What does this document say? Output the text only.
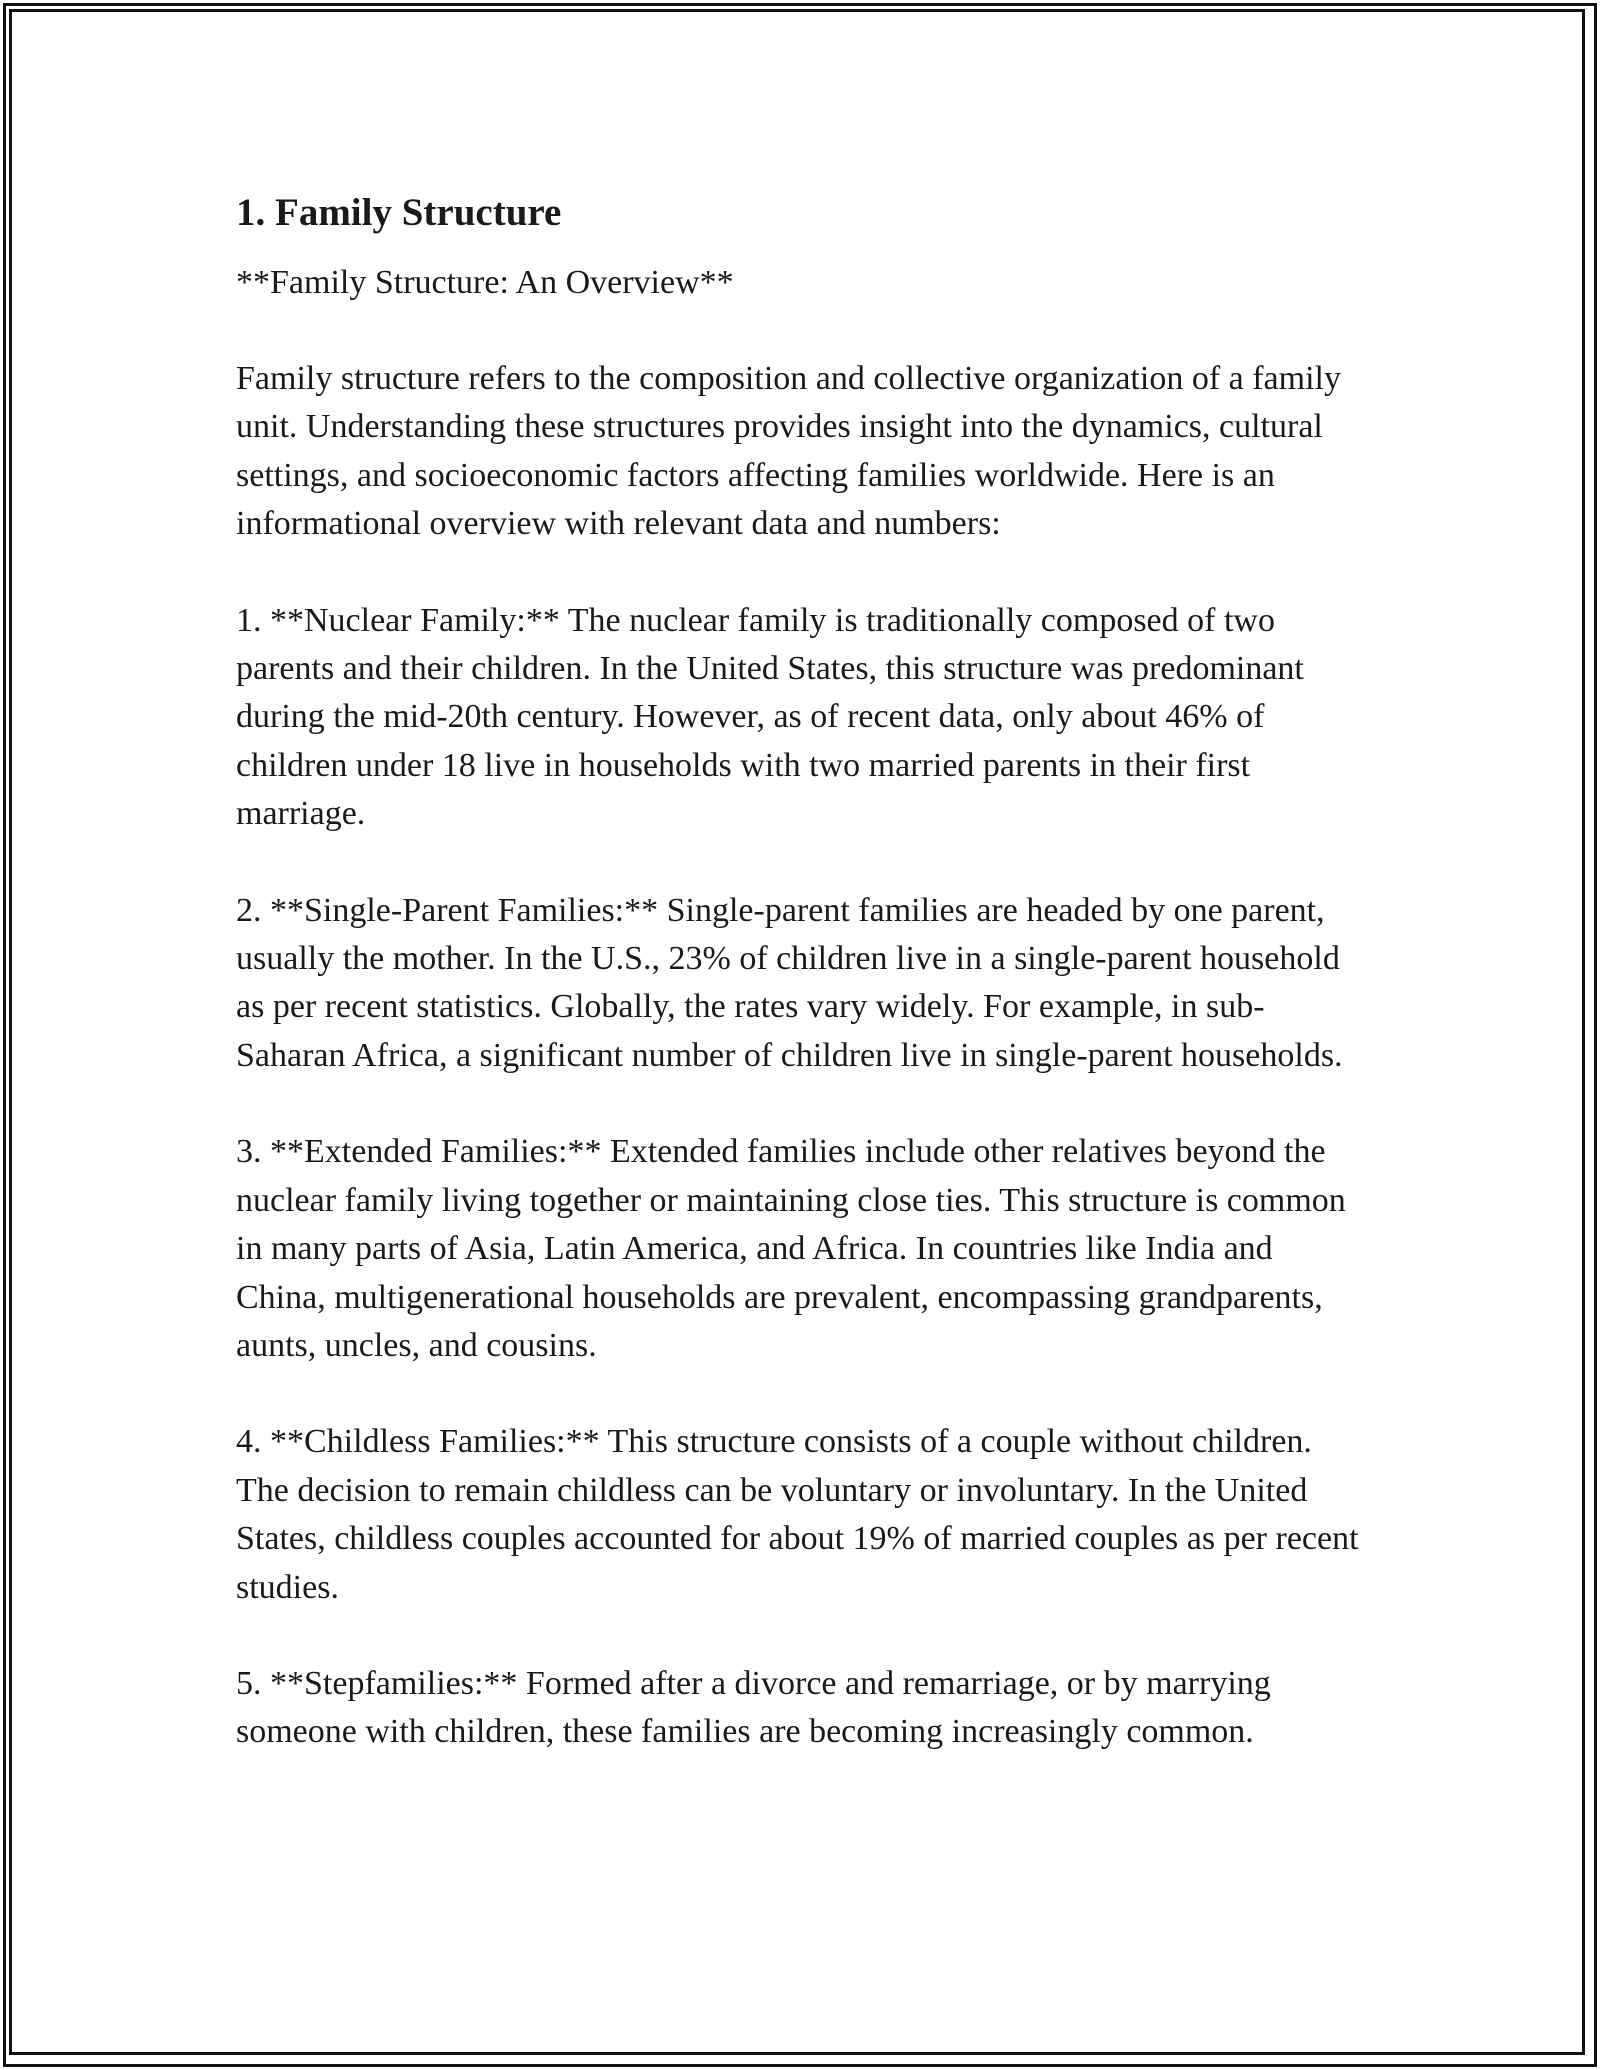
1. Family Structure
**Family Structure: An Overview**

Family structure refers to the composition and collective organization of a family unit. Understanding these structures provides insight into the dynamics, cultural settings, and socioeconomic factors affecting families worldwide. Here is an informational overview with relevant data and numbers:

1. **Nuclear Family:** The nuclear family is traditionally composed of two parents and their children. In the United States, this structure was predominant during the mid-20th century. However, as of recent data, only about 46% of children under 18 live in households with two married parents in their first marriage.

2. **Single-Parent Families:** Single-parent families are headed by one parent, usually the mother. In the U.S., 23% of children live in a single-parent household as per recent statistics. Globally, the rates vary widely. For example, in sub-Saharan Africa, a significant number of children live in single-parent households.

3. **Extended Families:** Extended families include other relatives beyond the nuclear family living together or maintaining close ties. This structure is common in many parts of Asia, Latin America, and Africa. In countries like India and China, multigenerational households are prevalent, encompassing grandparents, aunts, uncles, and cousins.

4. **Childless Families:** This structure consists of a couple without children. The decision to remain childless can be voluntary or involuntary. In the United States, childless couples accounted for about 19% of married couples as per recent studies.

5. **Stepfamilies:** Formed after a divorce and remarriage, or by marrying someone with children, these families are becoming increasingly common.
